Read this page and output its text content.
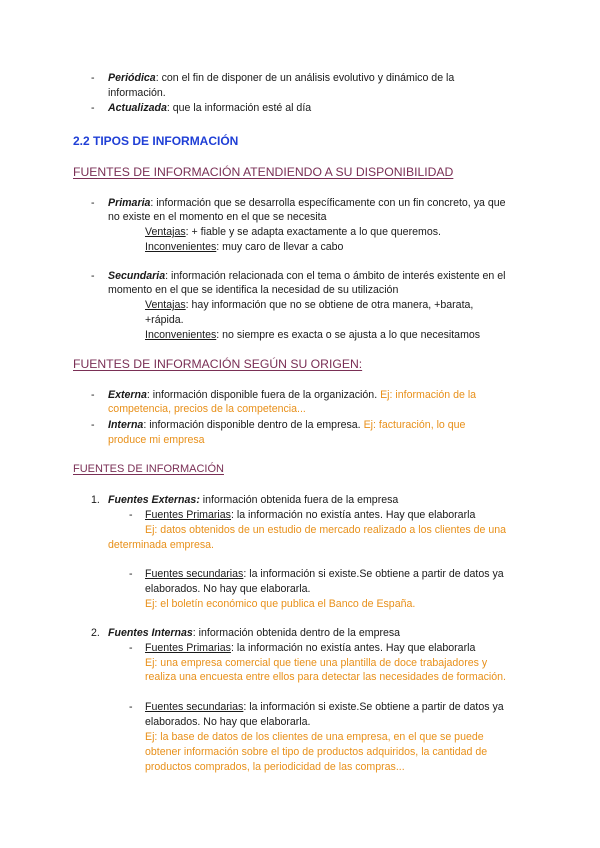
- Periódica: con el fin de disponer de un análisis evolutivo y dinámico de la
información.
- Actualizada: que la información esté al día
2.2 TIPOS DE INFORMACIÓN
FUENTES DE INFORMACIÓN ATENDIENDO A SU DISPONIBILIDAD
- Primaria: información que se desarrolla específicamente con un fin concreto, ya que
no existe en el momento en el que se necesita
Ventajas: + fiable y se adapta exactamente a lo que queremos.
Inconvenientes: muy caro de llevar a cabo
- Secundaria: información relacionada con el tema o ámbito de interés existente en el
momento en el que se identifica la necesidad de su utilización
Ventajas: hay información que no se obtiene de otra manera, +barata,
+rápida.
Inconvenientes: no siempre es exacta o se ajusta a lo que necesitamos
FUENTES DE INFORMACIÓN SEGÚN SU ORIGEN:
- Externa: información disponible fuera de la organización. Ej: información de la
competencia, precios de la competencia...
- Interna: información disponible dentro de la empresa. Ej: facturación, lo que
produce mi empresa
FUENTES DE INFORMACIÓN
1. Fuentes Externas: información obtenida fuera de la empresa
- Fuentes Primarias: la información no existía antes. Hay que elaborarla
Ej: datos obtenidos de un estudio de mercado realizado a los clientes de una
determinada empresa.
- Fuentes secundarias: la información si existe.Se obtiene a partir de datos ya
elaborados. No hay que elaborarla.
Ej: el boletín económico que publica el Banco de España.
2. Fuentes Internas: información obtenida dentro de la empresa
- Fuentes Primarias: la información no existía antes. Hay que elaborarla
Ej: una empresa comercial que tiene una plantilla de doce trabajadores y
realiza una encuesta entre ellos para detectar las necesidades de formación.
- Fuentes secundarias: la información si existe.Se obtiene a partir de datos ya
elaborados. No hay que elaborarla.
Ej: la base de datos de los clientes de una empresa, en el que se puede
obtener información sobre el tipo de productos adquiridos, la cantidad de
productos comprados, la periodicidad de las compras...
